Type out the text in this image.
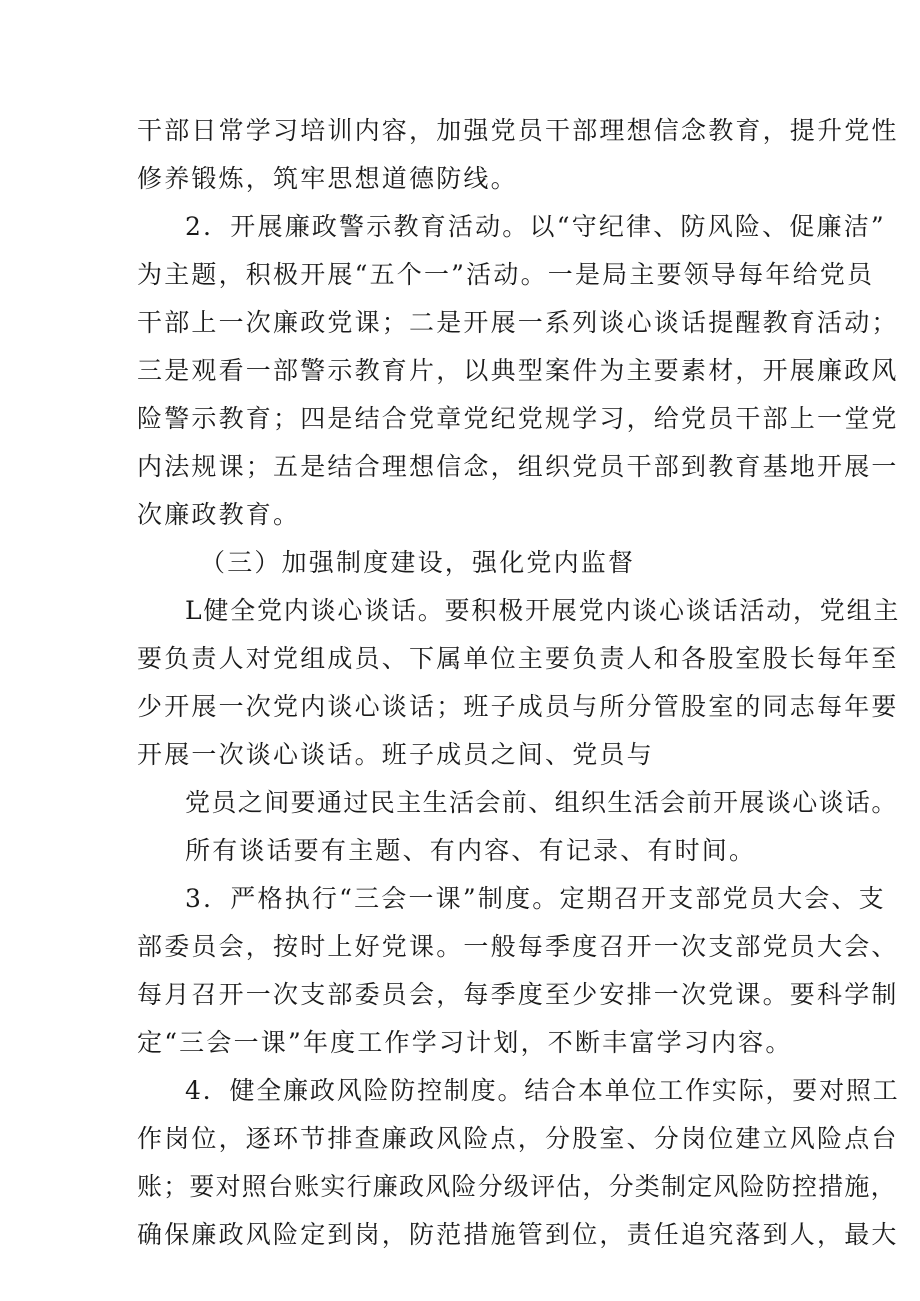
干部日常学习培训内容，加强党员干部理想信念教育，提升党性
修养锻炼，筑牢思想道德防线。
2．开展廉政警示教育活动。以“守纪律、防风险、促廉洁”
为主题，积极开展“五个一”活动。一是局主要领导每年给党员
干部上一次廉政党课；二是开展一系列谈心谈话提醒教育活动；
三是观看一部警示教育片，以典型案件为主要素材，开展廉政风
险警示教育；四是结合党章党纪党规学习，给党员干部上一堂党
内法规课；五是结合理想信念，组织党员干部到教育基地开展一
次廉政教育。
（三）加强制度建设，强化党内监督
L健全党内谈心谈话。要积极开展党内谈心谈话活动，党组主
要负责人对党组成员、下属单位主要负责人和各股室股长每年至
少开展一次党内谈心谈话；班子成员与所分管股室的同志每年要
开展一次谈心谈话。班子成员之间、党员与
党员之间要通过民主生活会前、组织生活会前开展谈心谈话。
所有谈话要有主题、有内容、有记录、有时间。
3．严格执行“三会一课”制度。定期召开支部党员大会、支
部委员会，按时上好党课。一般每季度召开一次支部党员大会、
每月召开一次支部委员会，每季度至少安排一次党课。要科学制
定“三会一课”年度工作学习计划，不断丰富学习内容。
4．健全廉政风险防控制度。结合本单位工作实际，要对照工
作岗位，逐环节排查廉政风险点，分股室、分岗位建立风险点台
账；要对照台账实行廉政风险分级评估，分类制定风险防控措施，
确保廉政风险定到岗，防范措施管到位，责任追究落到人，最大
